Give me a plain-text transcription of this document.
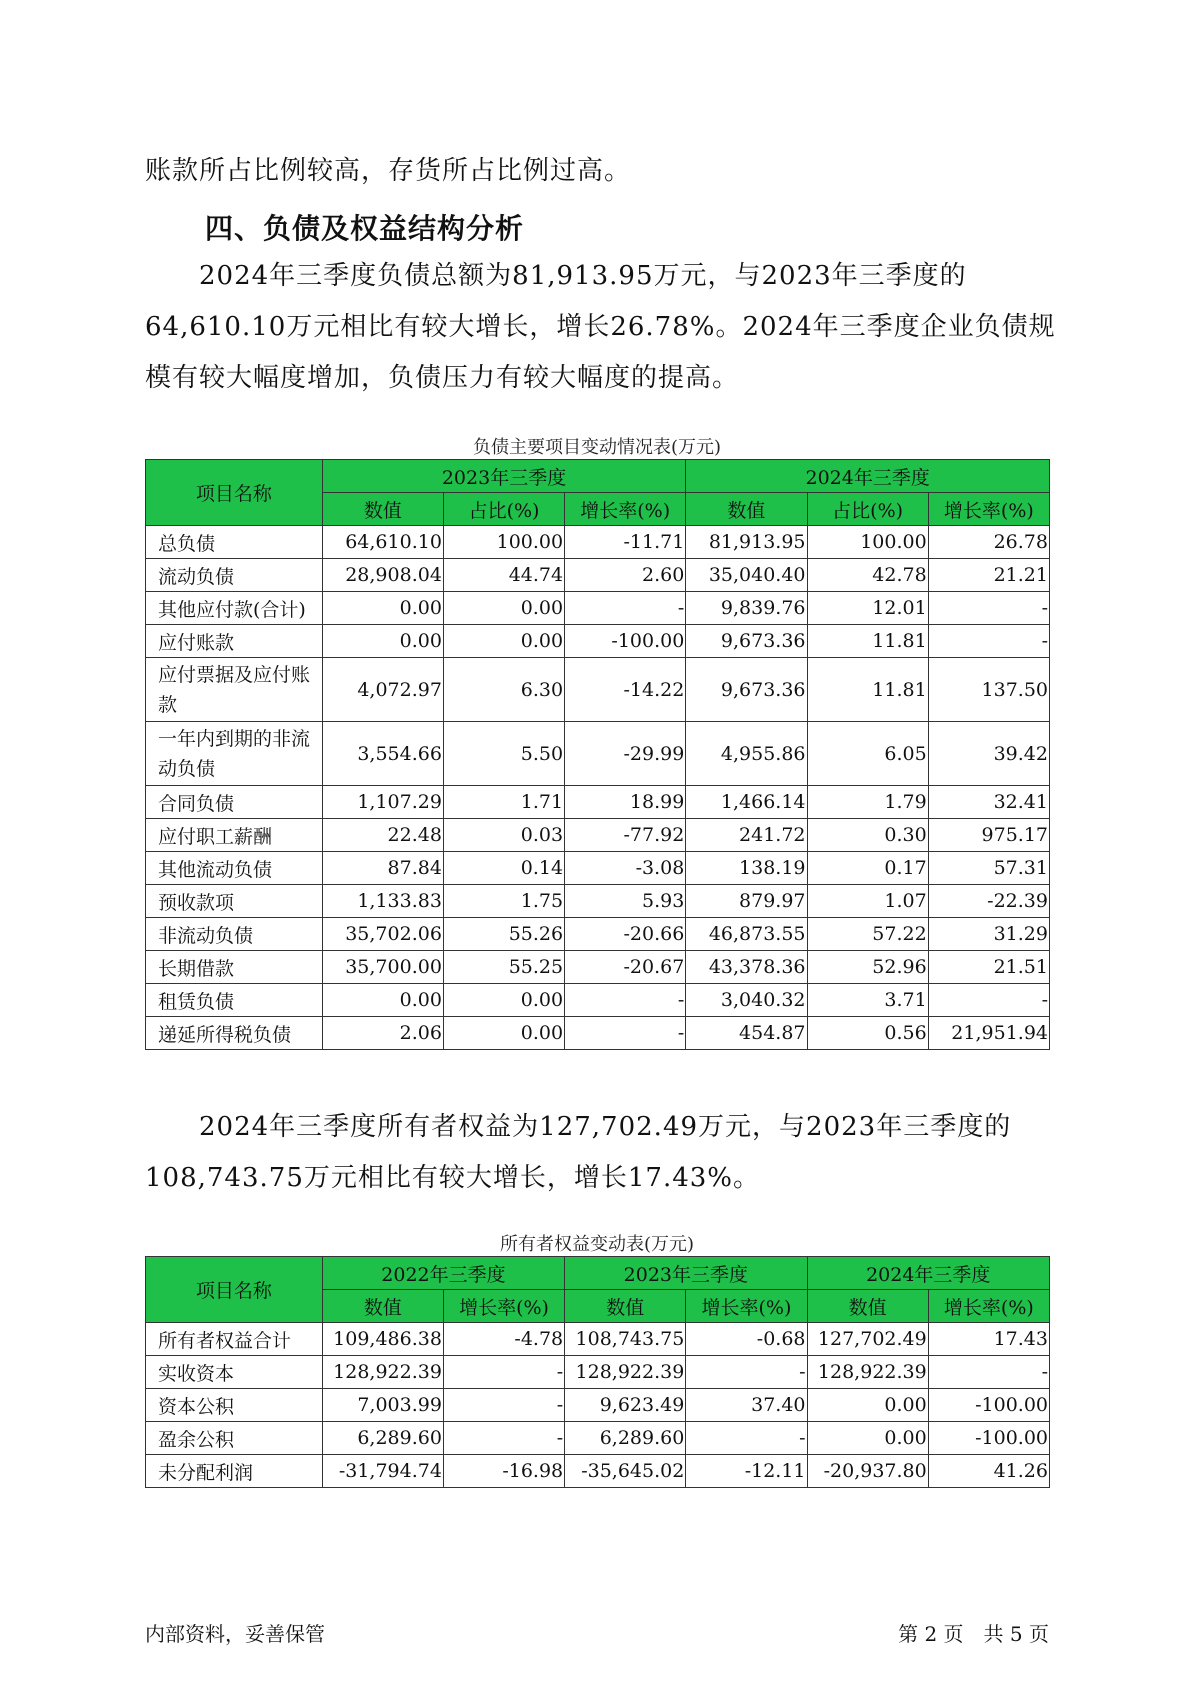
账款所占比例较高，存货所占比例过高。

四、负债及权益结构分析

　　2024年三季度负债总额为81,913.95万元，与2023年三季度的64,610.10万元相比有较大增长，增长26.78%。2024年三季度企业负债规模有较大幅度增加，负债压力有较大幅度的提高。

负债主要项目变动情况表(万元)
项目名称	2023年三季度			2024年三季度		
	数值	占比(%)	增长率(%)	数值	占比(%)	增长率(%)
总负债	64,610.10	100.00	-11.71	81,913.95	100.00	26.78
流动负债	28,908.04	44.74	2.60	35,040.40	42.78	21.21
其他应付款(合计)	0.00	0.00	-	9,839.76	12.01	-
应付账款	0.00	0.00	-100.00	9,673.36	11.81	-
应付票据及应付账款	4,072.97	6.30	-14.22	9,673.36	11.81	137.50
一年内到期的非流动负债	3,554.66	5.50	-29.99	4,955.86	6.05	39.42
合同负债	1,107.29	1.71	18.99	1,466.14	1.79	32.41
应付职工薪酬	22.48	0.03	-77.92	241.72	0.30	975.17
其他流动负债	87.84	0.14	-3.08	138.19	0.17	57.31
预收款项	1,133.83	1.75	5.93	879.97	1.07	-22.39
非流动负债	35,702.06	55.26	-20.66	46,873.55	57.22	31.29
长期借款	35,700.00	55.25	-20.67	43,378.36	52.96	21.51
租赁负债	0.00	0.00	-	3,040.32	3.71	-
递延所得税负债	2.06	0.00	-	454.87	0.56	21,951.94

　　2024年三季度所有者权益为127,702.49万元，与2023年三季度的108,743.75万元相比有较大增长，增长17.43%。

所有者权益变动表(万元)
项目名称	2022年三季度		2023年三季度		2024年三季度	
	数值	增长率(%)	数值	增长率(%)	数值	增长率(%)
所有者权益合计	109,486.38	-4.78	108,743.75	-0.68	127,702.49	17.43
实收资本	128,922.39	-	128,922.39	-	128,922.39	-
资本公积	7,003.99	-	9,623.49	37.40	0.00	-100.00
盈余公积	6,289.60	-	6,289.60	-	0.00	-100.00
未分配利润	-31,794.74	-16.98	-35,645.02	-12.11	-20,937.80	41.26
内部资料，妥善保管	第 2 页　共 5 页
